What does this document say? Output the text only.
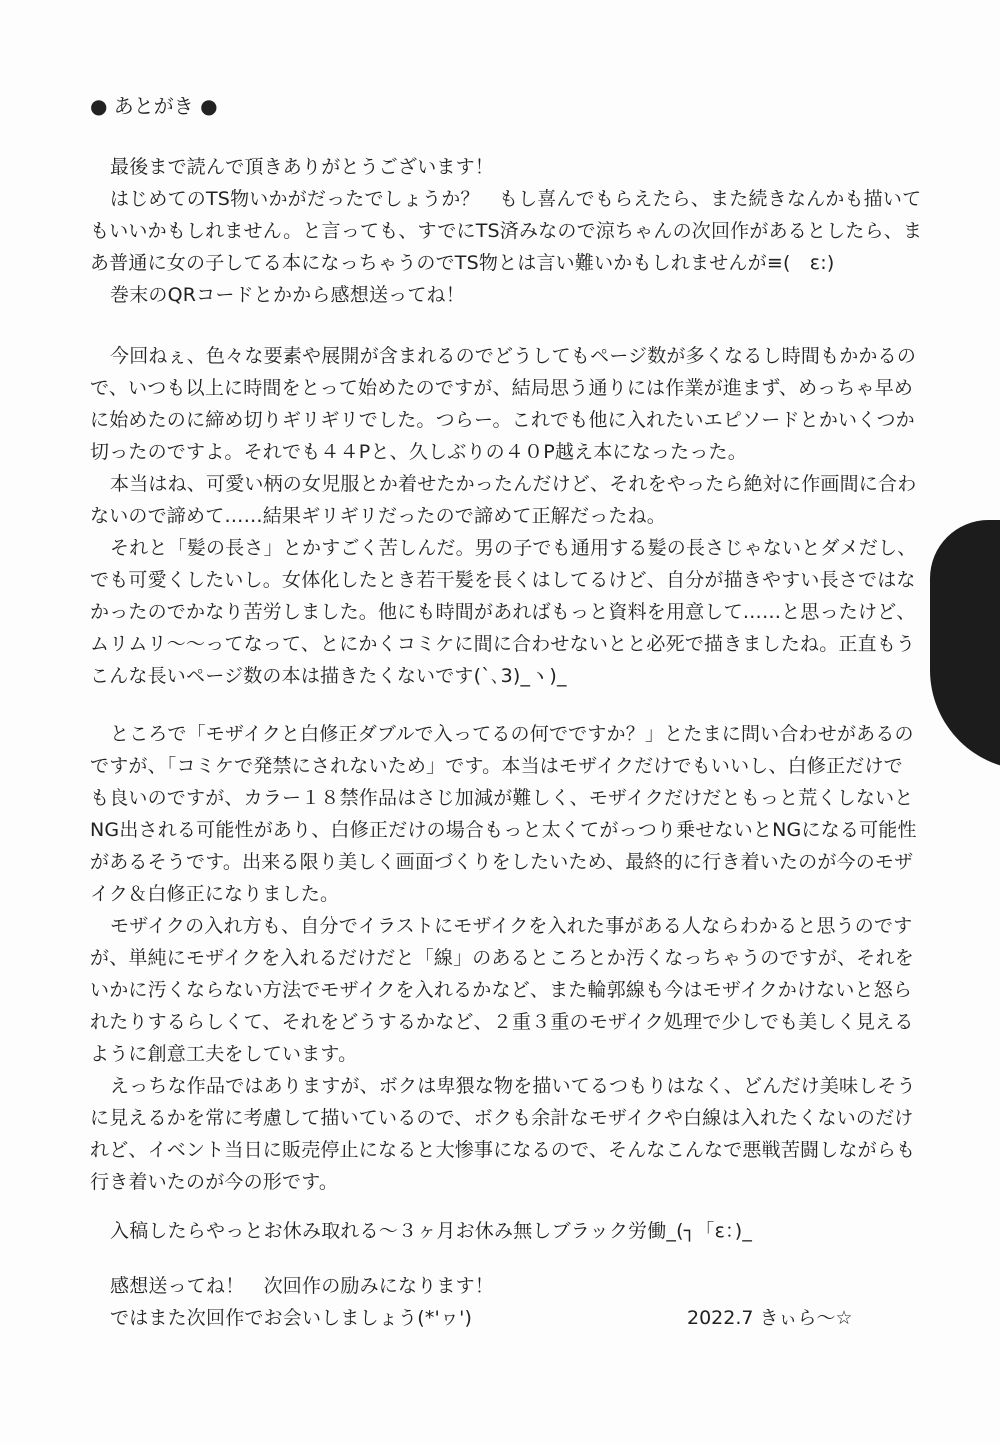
● あとがき ●
最後まで読んで頂きありがとうございます！
はじめてのTS物いかがだったでしょうか？　もし喜んでもらえたら、また続きなんかも描いて
もいいかもしれません。と言っても、すでにTS済みなので涼ちゃんの次回作があるとしたら、ま
あ普通に女の子してる本になっちゃうのでTS物とは言い難いかもしれませんが≡(　ε:)
巻末のQRコードとかから感想送ってね！
今回ねぇ、色々な要素や展開が含まれるのでどうしてもページ数が多くなるし時間もかかるの
で、いつも以上に時間をとって始めたのですが、結局思う通りには作業が進まず、めっちゃ早め
に始めたのに締め切りギリギリでした。つらー。これでも他に入れたいエピソードとかいくつか
切ったのですよ。それでも４４Pと、久しぶりの４０P越え本になったった。
本当はね、可愛い柄の女児服とか着せたかったんだけど、それをやったら絶対に作画間に合わ
ないので諦めて……結果ギリギリだったので諦めて正解だったね。
それと「髪の長さ」とかすごく苦しんだ。男の子でも通用する髪の長さじゃないとダメだし、
でも可愛くしたいし。女体化したとき若干髪を長くはしてるけど、自分が描きやすい長さではな
かったのでかなり苦労しました。他にも時間があればもっと資料を用意して……と思ったけど、
ムリムリ〜〜ってなって、とにかくコミケに間に合わせないとと必死で描きましたね。正直もう
こんな長いページ数の本は描きたくないです(`､3)_ヽ)_
ところで「モザイクと白修正ダブルで入ってるの何でですか？」とたまに問い合わせがあるの
ですが、「コミケで発禁にされないため」です。本当はモザイクだけでもいいし、白修正だけで
も良いのですが、カラー１８禁作品はさじ加減が難しく、モザイクだけだともっと荒くしないと
NG出される可能性があり、白修正だけの場合もっと太くてがっつり乗せないとNGになる可能性
があるそうです。出来る限り美しく画面づくりをしたいため、最終的に行き着いたのが今のモザ
イク＆白修正になりました。
モザイクの入れ方も、自分でイラストにモザイクを入れた事がある人ならわかると思うのです
が、単純にモザイクを入れるだけだと「線」のあるところとか汚くなっちゃうのですが、それを
いかに汚くならない方法でモザイクを入れるかなど、また輪郭線も今はモザイクかけないと怒ら
れたりするらしくて、それをどうするかなど、２重３重のモザイク処理で少しでも美しく見える
ように創意工夫をしています。
えっちな作品ではありますが、ボクは卑猥な物を描いてるつもりはなく、どんだけ美味しそう
に見えるかを常に考慮して描いているので、ボクも余計なモザイクや白線は入れたくないのだけ
れど、イベント当日に販売停止になると大惨事になるので、そんなこんなで悪戦苦闘しながらも
行き着いたのが今の形です。
入稿したらやっとお休み取れる〜３ヶ月お休み無しブラック労働_(┐「ε：)_
感想送ってね！　次回作の励みになります！
ではまた次回作でお会いしましょう(*'ヮ')	2022.7 きぃら〜☆
